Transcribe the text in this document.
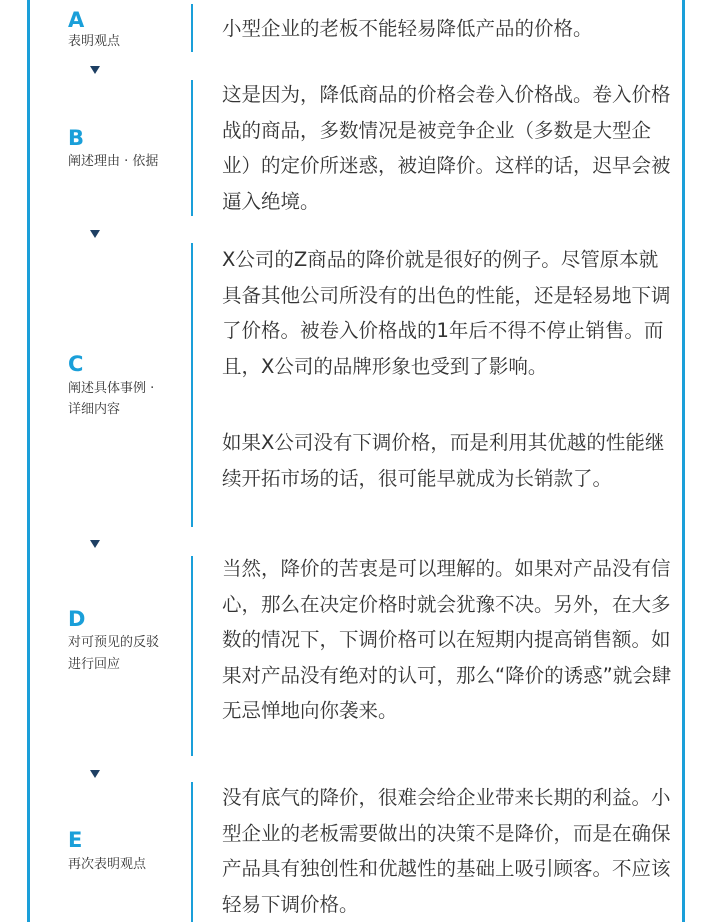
A
表明观点

小型企业的老板不能轻易降低产品的价格。

B
阐述理由 · 依据

这是因为，降低商品的价格会卷入价格战。卷入价格战的商品，多数情况是被竞争企业（多数是大型企业）的定价所迷惑，被迫降价。这样的话，迟早会被逼入绝境。

C
阐述具体事例 ·
详细内容

X公司的Z商品的降价就是很好的例子。尽管原本就具备其他公司所没有的出色的性能，还是轻易地下调了价格。被卷入价格战的1年后不得不停止销售。而且，X公司的品牌形象也受到了影响。

如果X公司没有下调价格，而是利用其优越的性能继续开拓市场的话，很可能早就成为长销款了。

D
对可预见的反驳
进行回应

当然，降价的苦衷是可以理解的。如果对产品没有信心，那么在决定价格时就会犹豫不决。另外，在大多数的情况下，下调价格可以在短期内提高销售额。如果对产品没有绝对的认可，那么“降价的诱惑”就会肆无忌惮地向你袭来。

E
再次表明观点

没有底气的降价，很难会给企业带来长期的利益。小型企业的老板需要做出的决策不是降价，而是在确保产品具有独创性和优越性的基础上吸引顾客。不应该轻易下调价格。
